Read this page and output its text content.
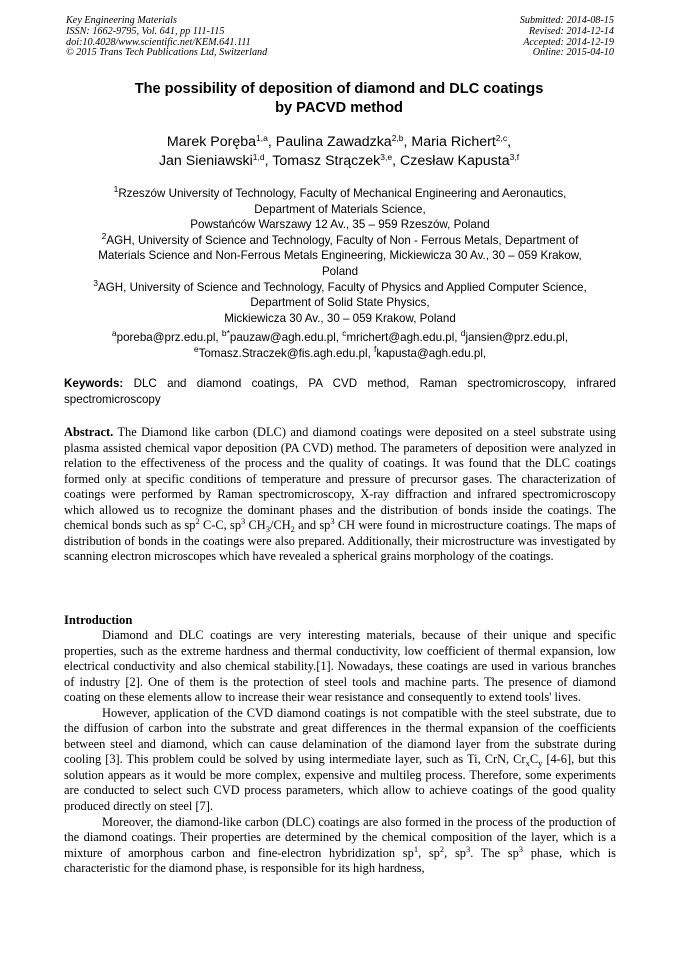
Key Engineering Materials
ISSN: 1662-9795, Vol. 641, pp 111-115
doi:10.4028/www.scientific.net/KEM.641.111
© 2015 Trans Tech Publications Ltd, Switzerland
Submitted: 2014-08-15
Revised: 2014-12-14
Accepted: 2014-12-19
Online: 2015-04-10
The possibility of deposition of diamond and DLC coatings
by PACVD method
Marek Poręba$^{1,a}$, Paulina Zawadzka$^{2,b}$, Maria Richert$^{2,c}$,
Jan Sieniawski$^{1,d}$, Tomasz Strączek$^{3,e}$, Czesław Kapusta$^{3,f}$
$^1$Rzeszów University of Technology, Faculty of Mechanical Engineering and Aeronautics,
Department of Materials Science,
Powstańców Warszawy 12 Av., 35 – 959 Rzeszów, Poland
$^2$AGH, University of Science and Technology, Faculty of Non - Ferrous Metals, Department of
Materials Science and Non-Ferrous Metals Engineering, Mickiewicza 30 Av., 30 – 059 Krakow,
Poland
$^3$AGH, University of Science and Technology, Faculty of Physics and Applied Computer Science,
Department of Solid State Physics,
Mickiewicza 30 Av., 30 – 059 Krakow, Poland
$^a$poreba@prz.edu.pl, $^{b*}$pauzaw@agh.edu.pl, $^c$mrichert@agh.edu.pl, $^d$jansien@prz.edu.pl,
$^e$Tomasz.Straczek@fis.agh.edu.pl, $^f$kapusta@agh.edu.pl,
Keywords: DLC and diamond coatings, PA CVD method, Raman spectromicroscopy, infrared spectromicroscopy
Abstract. The Diamond like carbon (DLC) and diamond coatings were deposited on a steel substrate using plasma assisted chemical vapor deposition (PA CVD) method. The parameters of deposition were analyzed in relation to the effectiveness of the process and the quality of coatings. It was found that the DLC coatings formed only at specific conditions of temperature and pressure of precursor gases. The characterization of coatings were performed by Raman spectromicroscopy, X-ray diffraction and infrared spectromicroscopy which allowed us to recognize the dominant phases and the distribution of bonds inside the coatings. The chemical bonds such as $sp^2$ C-C, $sp^3$ $CH_3/CH_2$ and $sp^3$ CH were found in microstructure coatings. The maps of distribution of bonds in the coatings were also prepared. Additionally, their microstructure was investigated by scanning electron microscopes which have revealed a spherical grains morphology of the coatings.
Introduction

Diamond and DLC coatings are very interesting materials, because of their unique and specific properties, such as the extreme hardness and thermal conductivity, low coefficient of thermal expansion, low electrical conductivity and also chemical stability.[1]. Nowadays, these coatings are used in various branches of industry [2]. One of them is the protection of steel tools and machine parts. The presence of diamond coating on these elements allow to increase their wear resistance and consequently to extend tools' lives.

However, application of the CVD diamond coatings is not compatible with the steel substrate, due to the diffusion of carbon into the substrate and great differences in the thermal expansion of the coefficients between steel and diamond, which can cause delamination of the diamond layer from the substrate during cooling [3]. This problem could be solved by using intermediate layer, such as Ti, CrN, $Cr_xC_y$ [4-6], but this solution appears as it would be more complex, expensive and multileg process. Therefore, some experiments are conducted to select such CVD process parameters, which allow to achieve coatings of the good quality produced directly on steel [7].

Moreover, the diamond-like carbon (DLC) coatings are also formed in the process of the production of the diamond coatings. Their properties are determined by the chemical composition of the layer, which is a mixture of amorphous carbon and fine-electron hybridization $sp^1$, $sp^2$, $sp^3$. The $sp^3$ phase, which is characteristic for the diamond phase, is responsible for its high hardness,
